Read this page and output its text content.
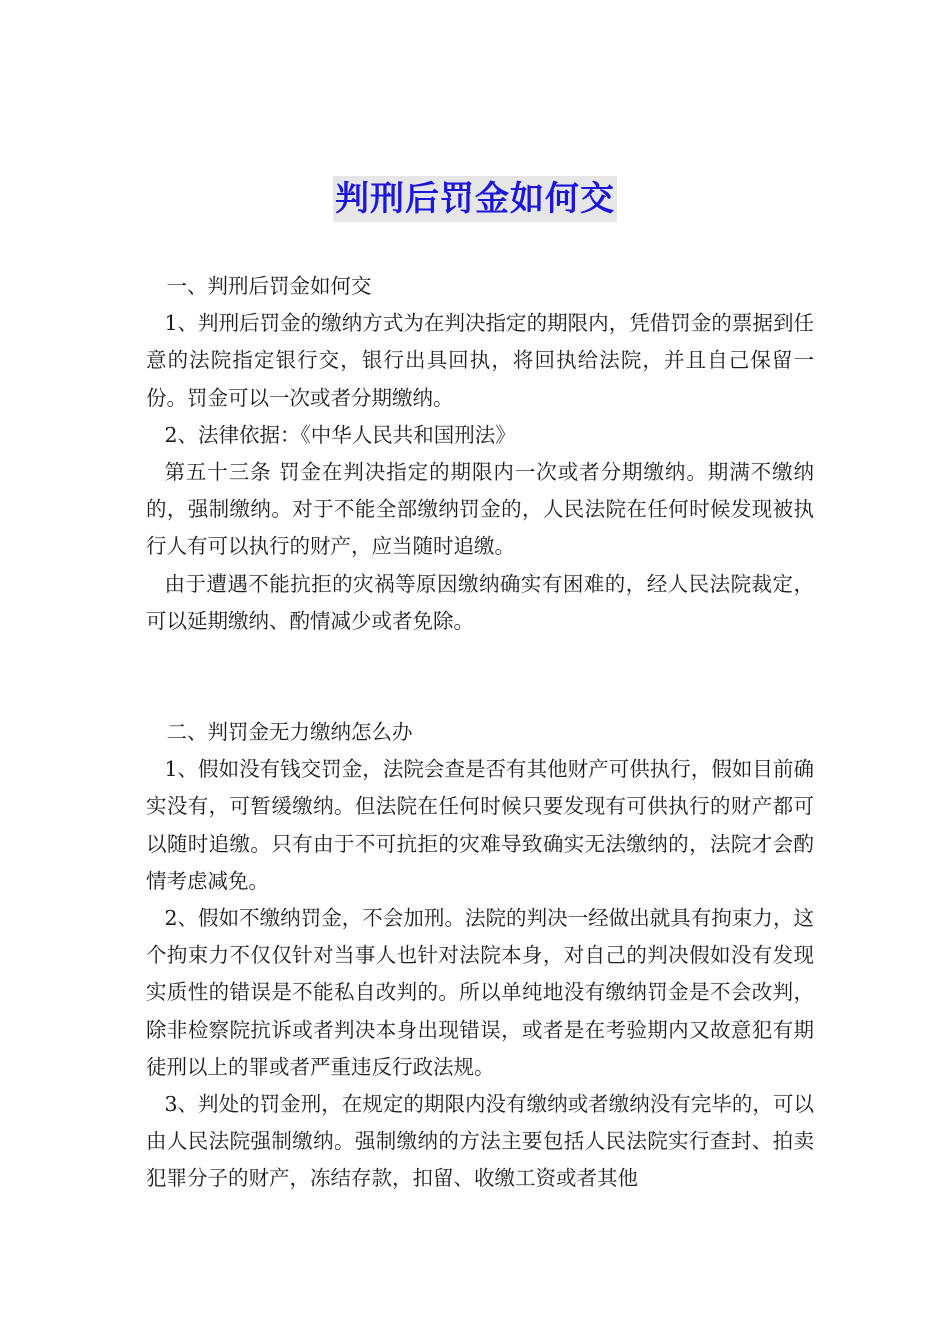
判刑后罚金如何交

一、判刑后罚金如何交

1、判刑后罚金的缴纳方式为在判决指定的期限内，凭借罚金的票据到任意的法院指定银行交，银行出具回执，将回执给法院，并且自己保留一份。罚金可以一次或者分期缴纳。

2、法律依据：《中华人民共和国刑法》

第五十三条 罚金在判决指定的期限内一次或者分期缴纳。期满不缴纳的，强制缴纳。对于不能全部缴纳罚金的，人民法院在任何时候发现被执行人有可以执行的财产，应当随时追缴。

由于遭遇不能抗拒的灾祸等原因缴纳确实有困难的，经人民法院裁定，可以延期缴纳、酌情减少或者免除。

二、判罚金无力缴纳怎么办

1、假如没有钱交罚金，法院会查是否有其他财产可供执行，假如目前确实没有，可暂缓缴纳。但法院在任何时候只要发现有可供执行的财产都可以随时追缴。只有由于不可抗拒的灾难导致确实无法缴纳的，法院才会酌情考虑减免。

2、假如不缴纳罚金，不会加刑。法院的判决一经做出就具有拘束力，这个拘束力不仅仅针对当事人也针对法院本身，对自己的判决假如没有发现实质性的错误是不能私自改判的。所以单纯地没有缴纳罚金是不会改判，除非检察院抗诉或者判决本身出现错误，或者是在考验期内又故意犯有期徒刑以上的罪或者严重违反行政法规。

3、判处的罚金刑，在规定的期限内没有缴纳或者缴纳没有完毕的，可以由人民法院强制缴纳。强制缴纳的方法主要包括人民法院实行查封、拍卖犯罪分子的财产，冻结存款，扣留、收缴工资或者其他
